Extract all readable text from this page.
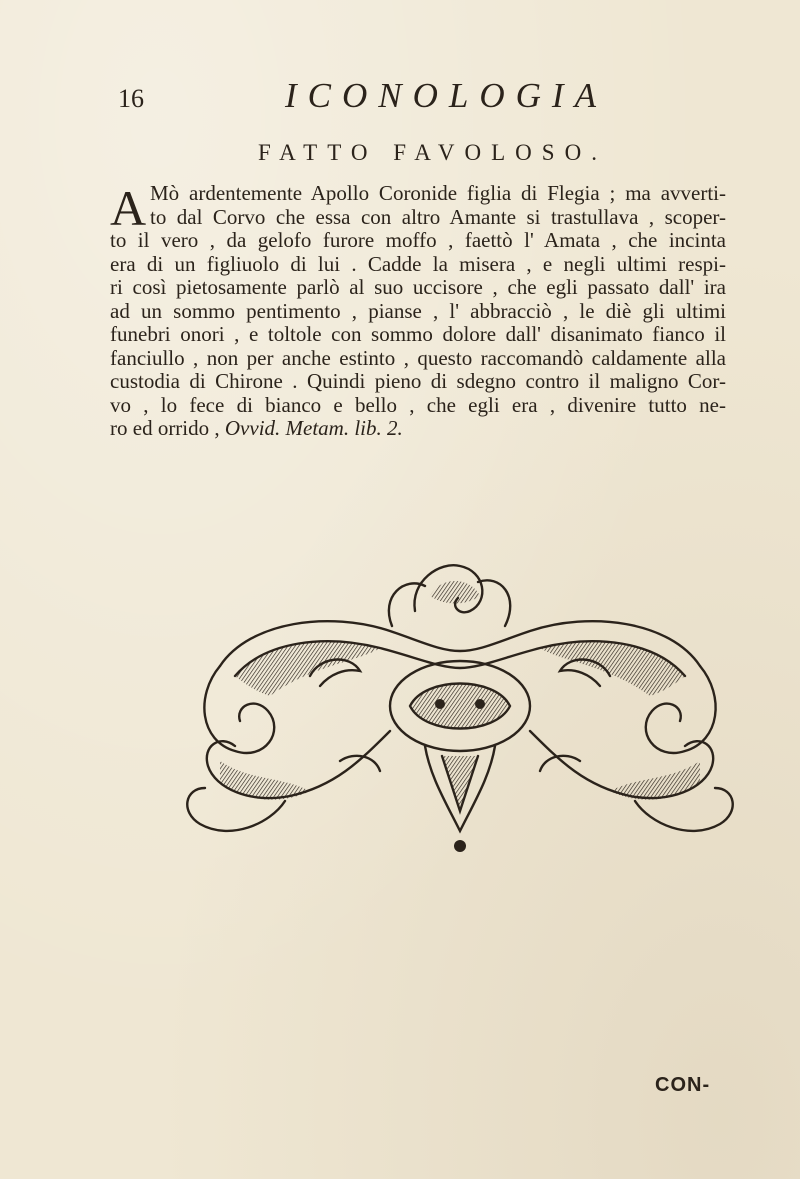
16	ICONOLOGIA
FATTO FAVOLOSO.
A Mò ardentemente Apollo Coronide figlia di Flegia ; ma avverti-
to dal Corvo che essa con altro Amante si trastullava , scoper-
to il vero , da gelofo furore moffo , faettò l' Amata , che incinta
era di un figliuolo di lui . Cadde la misera , e negli ultimi respi-
ri così pietosamente parlò al suo uccisore , che egli passato dall' ira
ad un sommo pentimento , pianse , l' abbracciò , le diè gli ultimi
funebri onori , e toltole con sommo dolore dall' disanimato fianco il
fanciullo , non per anche estinto , questo raccomandò caldamente alla
custodia di Chirone . Quindi pieno di sdegno contro il maligno Cor-
vo , lo fece di bianco e bello , che egli era , divenire tutto ne-
ro ed orrido , Ovvid. Metam. lib. 2.
CON-
